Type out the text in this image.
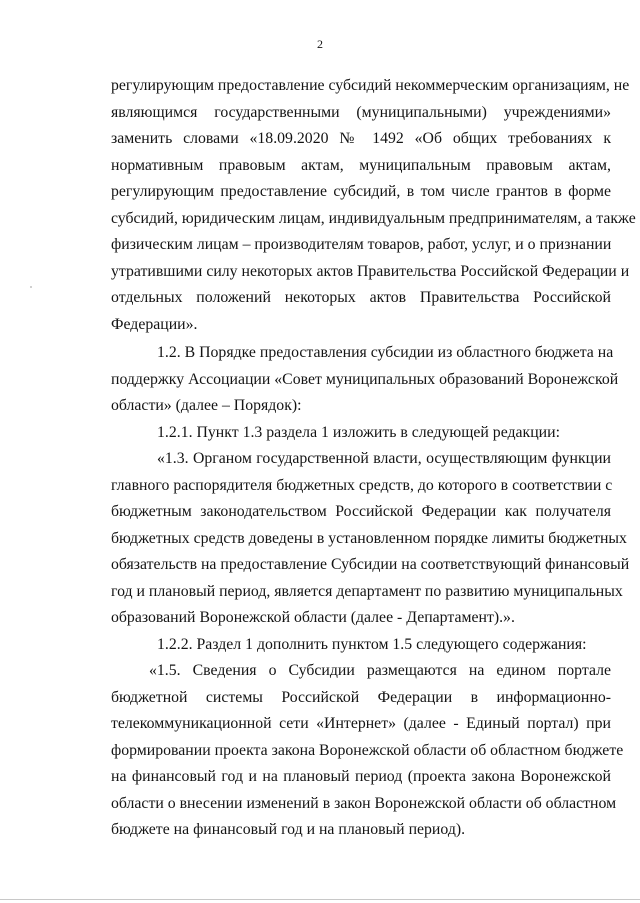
2
регулирующим предоставление субсидий некоммерческим организациям, не
являющимся государственными (муниципальными) учреждениями»
заменить словами «18.09.2020 № 1492 «Об общих требованиях к
нормативным правовым актам, муниципальным правовым актам,
регулирующим предоставление субсидий, в том числе грантов в форме
субсидий, юридическим лицам, индивидуальным предпринимателям, а также
физическим лицам – производителям товаров, работ, услуг, и о признании
утратившими силу некоторых актов Правительства Российской Федерации и
отдельных положений некоторых актов Правительства Российской
Федерации».
1.2. В Порядке предоставления субсидии из областного бюджета на
поддержку Ассоциации «Совет муниципальных образований Воронежской
области» (далее – Порядок):
1.2.1. Пункт 1.3 раздела 1 изложить в следующей редакции:
«1.3. Органом государственной власти, осуществляющим функции
главного распорядителя бюджетных средств, до которого в соответствии с
бюджетным законодательством Российской Федерации как получателя
бюджетных средств доведены в установленном порядке лимиты бюджетных
обязательств на предоставление Субсидии на соответствующий финансовый
год и плановый период, является департамент по развитию муниципальных
образований Воронежской области (далее - Департамент).».
1.2.2. Раздел 1 дополнить пунктом 1.5 следующего содержания:
«1.5. Сведения о Субсидии размещаются на едином портале
бюджетной системы Российской Федерации в информационно-
телекоммуникационной сети «Интернет» (далее - Единый портал) при
формировании проекта закона Воронежской области об областном бюджете
на финансовый год и на плановый период (проекта закона Воронежской
области о внесении изменений в закон Воронежской области об областном
бюджете на финансовый год и на плановый период).
